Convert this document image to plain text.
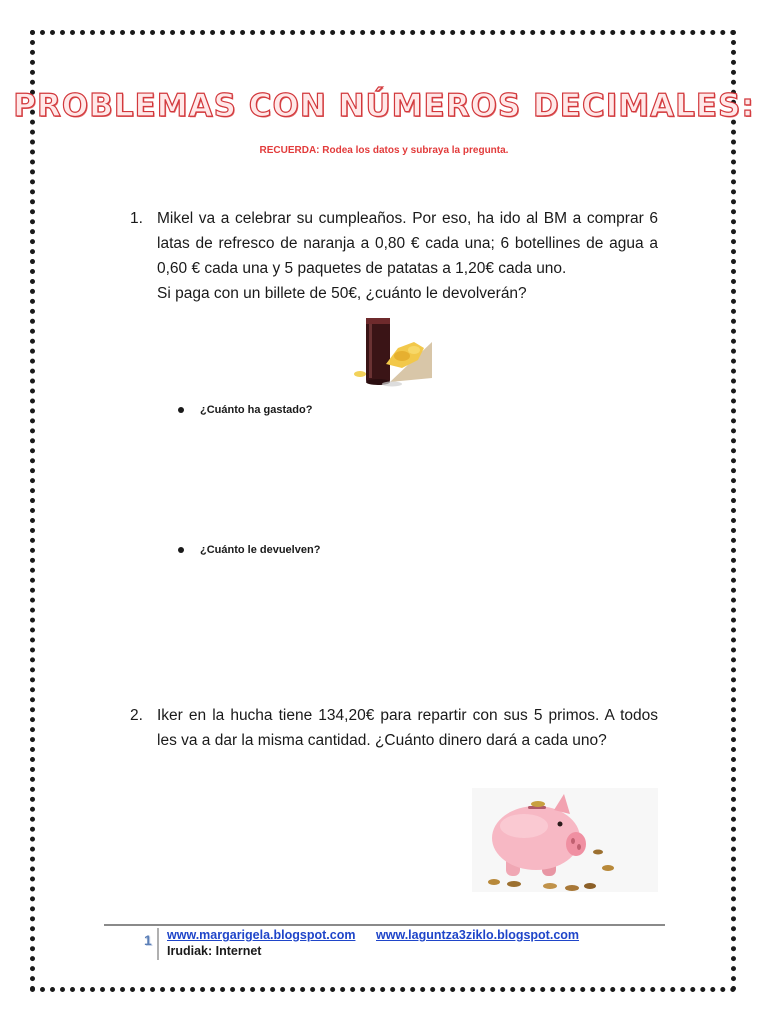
PROBLEMAS CON NÚMEROS DECIMALES:
RECUERDA: Rodea los datos y subraya la pregunta.
1. Mikel va a celebrar su cumpleaños. Por eso, ha ido al BM a comprar 6 latas de refresco de naranja a 0,80 € cada una; 6 botellines de agua a 0,60 € cada una y 5 paquetes de patatas a 1,20€ cada uno.
Si paga con un billete de 50€, ¿cuánto le devolverán?
¿Cuánto ha gastado?
¿Cuánto le devuelven?
2. Iker en la hucha tiene 134,20€ para repartir con sus 5 primos. A todos les va a dar la misma cantidad. ¿Cuánto dinero dará a cada uno?
1 www.margarigela.blogspot.com www.laguntza3ziklo.blogspot.com
Irudiak: Internet
